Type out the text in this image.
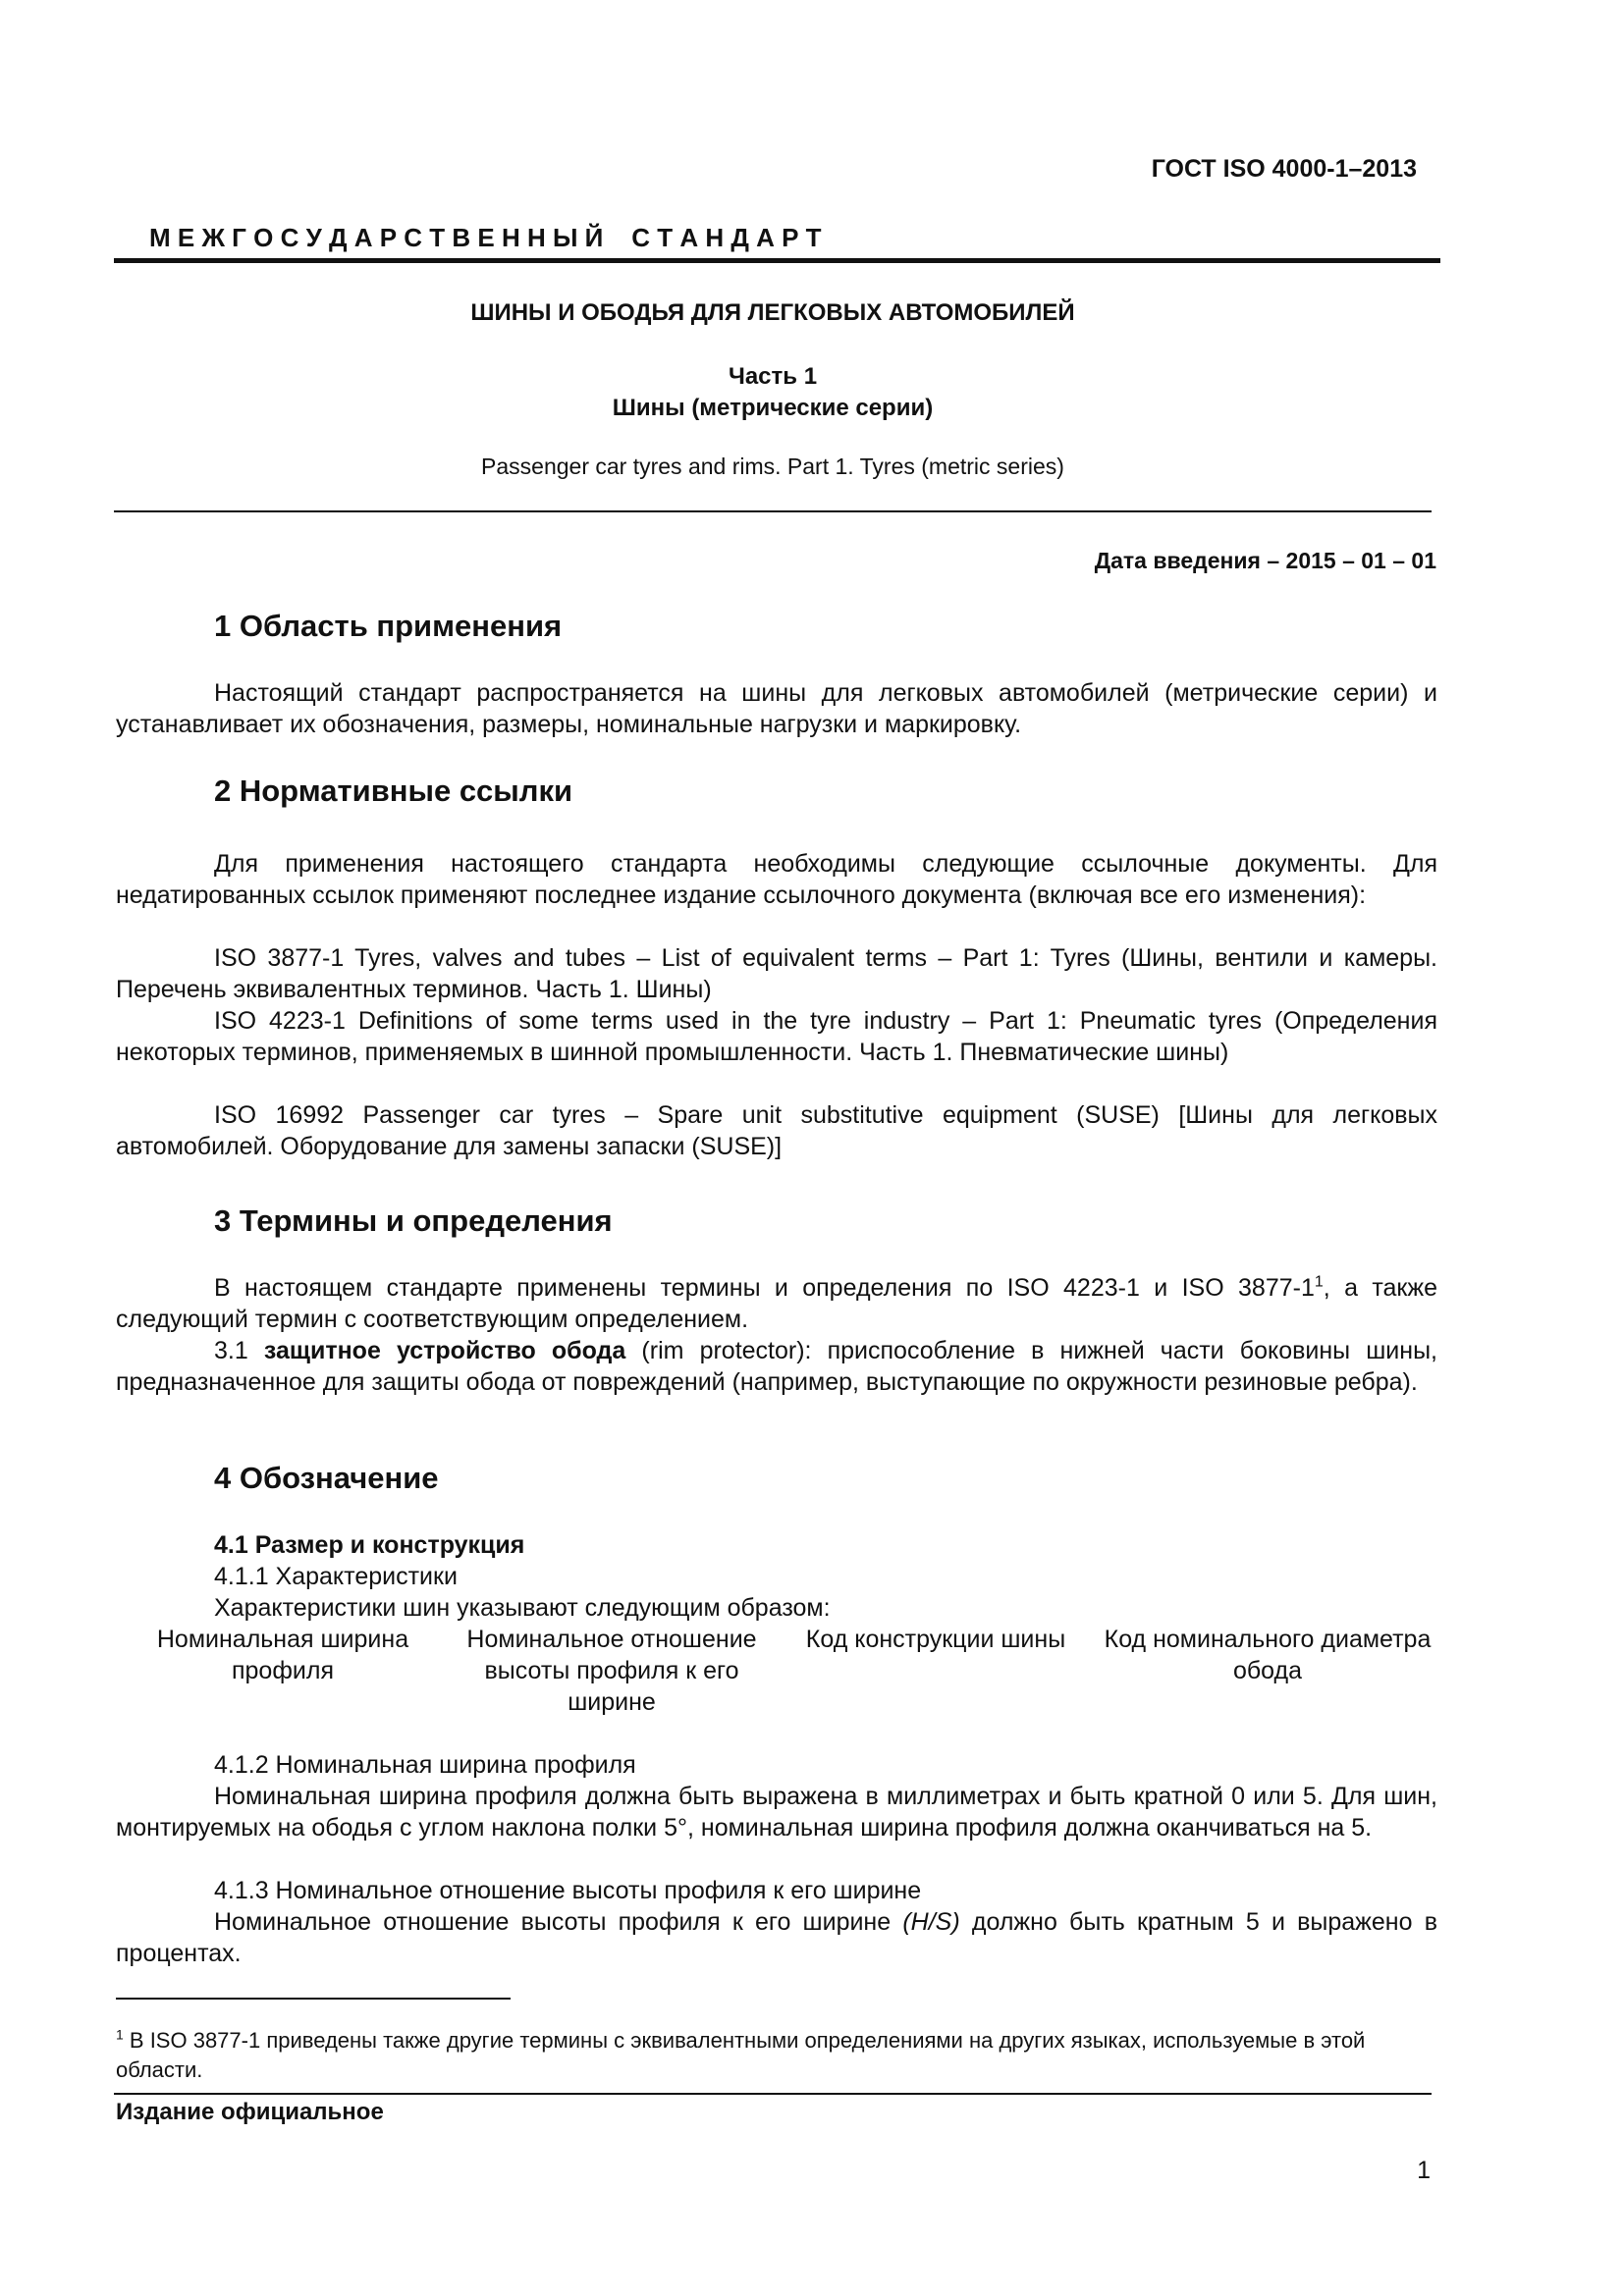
ГОСТ ISO 4000-1–2013
М Е Ж Г О С У Д А Р С Т В Е Н Н Ы Й    С Т А Н Д А Р Т
ШИНЫ И ОБОДЬЯ ДЛЯ ЛЕГКОВЫХ АВТОМОБИЛЕЙ
Часть 1
Шины (метрические серии)
Passenger car tyres and rims. Part 1. Tyres (metric series)
Дата введения – 2015 – 01 – 01
1 Область применения
Настоящий стандарт распространяется на шины для легковых автомобилей (метрические серии) и устанавливает их обозначения, размеры, номинальные нагрузки и маркировку.
2 Нормативные ссылки
Для применения настоящего стандарта необходимы следующие ссылочные документы. Для недатированных ссылок применяют последнее издание ссылочного документа (включая все его изменения):
ISO 3877-1 Tyres, valves and tubes – List of equivalent terms – Part 1: Tyres (Шины, вентили и камеры. Перечень эквивалентных терминов. Часть 1. Шины)
ISO 4223-1 Definitions of some terms used in the tyre industry – Part 1: Pneumatic tyres (Определения некоторых терминов, применяемых в шинной промышленности. Часть 1. Пневматические шины)
ISO 16992 Passenger car tyres – Spare unit substitutive equipment (SUSE) [Шины для легковых автомобилей. Оборудование для замены запаски (SUSE)]
3 Термины и определения
В настоящем стандарте применены термины и определения по ISO 4223-1 и ISO $3877-1^1$, а также следующий термин с соответствующим определением.
3.1 защитное устройство обода (rim protector): приспособление в нижней части боковины шины, предназначенное для защиты обода от повреждений (например, выступающие по окружности резиновые ребра).
4 Обозначение
4.1 Размер и конструкция
4.1.1 Характеристики
Характеристики шин указывают следующим образом:
Номинальная ширина профиля
Номинальное отношение высоты профиля к его ширине
Код конструкции шины	Код номинального диаметра обода
4.1.2 Номинальная ширина профиля
Номинальная ширина профиля должна быть выражена в миллиметрах и быть кратной 0 или 5. Для шин, монтируемых на ободья с углом наклона полки 5°, номинальная ширина профиля должна оканчиваться на 5.
4.1.3 Номинальное отношение высоты профиля к его ширине
Номинальное отношение высоты профиля к его ширине (H/S) должно быть кратным 5 и выражено в процентах.
$^1$ В ISO 3877-1 приведены также другие термины с эквивалентными определениями на других языках, используемые в этой области.
Издание официальное
1
